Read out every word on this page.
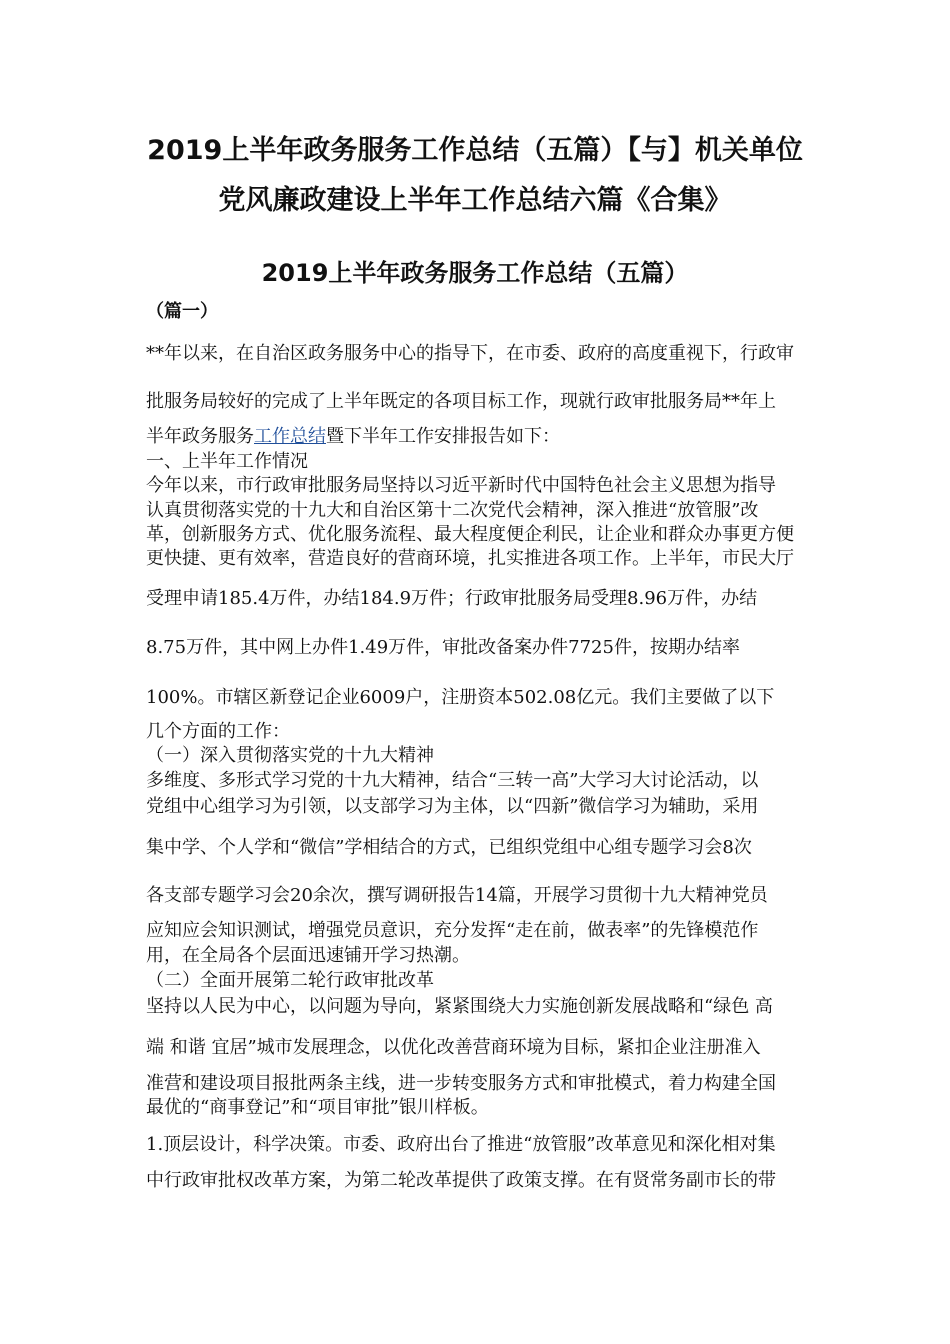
2019上半年政务服务工作总结（五篇）【与】机关单位
党风廉政建设上半年工作总结六篇《合集》
2019上半年政务服务工作总结（五篇）
（篇一）
**年以来，在自治区政务服务中心的指导下，在市委、政府的高度重视下，行政审
批服务局较好的完成了上半年既定的各项目标工作，现就行政审批服务局**年上
半年政务服务工作总结暨下半年工作安排报告如下：
一、上半年工作情况
今年以来，市行政审批服务局坚持以习近平新时代中国特色社会主义思想为指导
认真贯彻落实党的十九大和自治区第十二次党代会精神，深入推进“放管服”改
革，创新服务方式、优化服务流程、最大程度便企利民，让企业和群众办事更方便
更快捷、更有效率，营造良好的营商环境，扎实推进各项工作。上半年，市民大厅
受理申请185.4万件，办结184.9万件；行政审批服务局受理8.96万件，办结
8.75万件，其中网上办件1.49万件，审批改备案办件7725件，按期办结率
100%。市辖区新登记企业6009户，注册资本502.08亿元。我们主要做了以下
几个方面的工作：
（一）深入贯彻落实党的十九大精神
多维度、多形式学习党的十九大精神，结合“三转一高”大学习大讨论活动，以
党组中心组学习为引领，以支部学习为主体，以“四新”微信学习为辅助，采用
集中学、个人学和“微信”学相结合的方式，已组织党组中心组专题学习会8次
各支部专题学习会20余次，撰写调研报告14篇，开展学习贯彻十九大精神党员
应知应会知识测试，增强党员意识，充分发挥“走在前，做表率”的先锋模范作
用，在全局各个层面迅速铺开学习热潮。
（二）全面开展第二轮行政审批改革
坚持以人民为中心，以问题为导向，紧紧围绕大力实施创新发展战略和“绿色 高
端 和谐 宜居”城市发展理念，以优化改善营商环境为目标，紧扣企业注册准入
准营和建设项目报批两条主线，进一步转变服务方式和审批模式，着力构建全国
最优的“商事登记”和“项目审批”银川样板。
1.顶层设计，科学决策。市委、政府出台了推进“放管服”改革意见和深化相对集
中行政审批权改革方案，为第二轮改革提供了政策支撑。在有贤常务副市长的带
